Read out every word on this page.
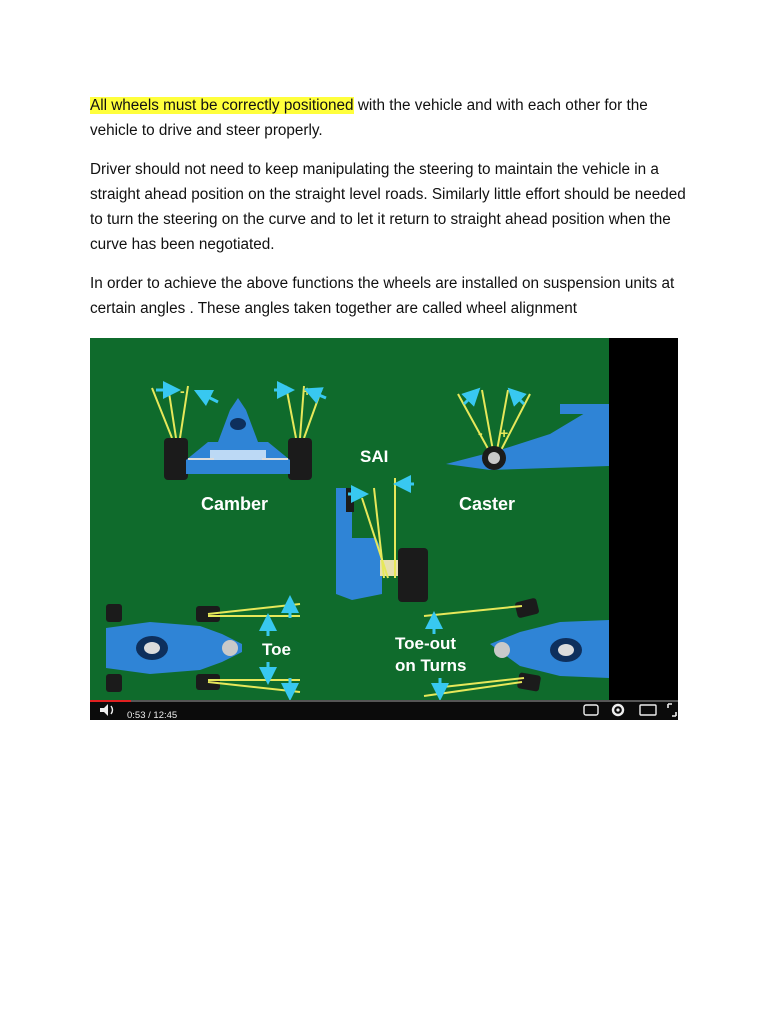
All wheels must be correctly positioned with the vehicle and with each other for the vehicle to drive and steer properly.

Driver should not need to keep manipulating the steering to maintain the vehicle in a straight ahead position on the straight level roads. Similarly little effort should be needed to turn the steering on the curve and to let it return to straight ahead position when the curve has been negotiated.

In order to achieve the above functions the wheels are installed on suspension units at certain angles . These angles taken together are called wheel alignment

-	+
Camber
SAI
- +
Caster
Toe	Toe-out
on Turns
0:53 / 12:45
